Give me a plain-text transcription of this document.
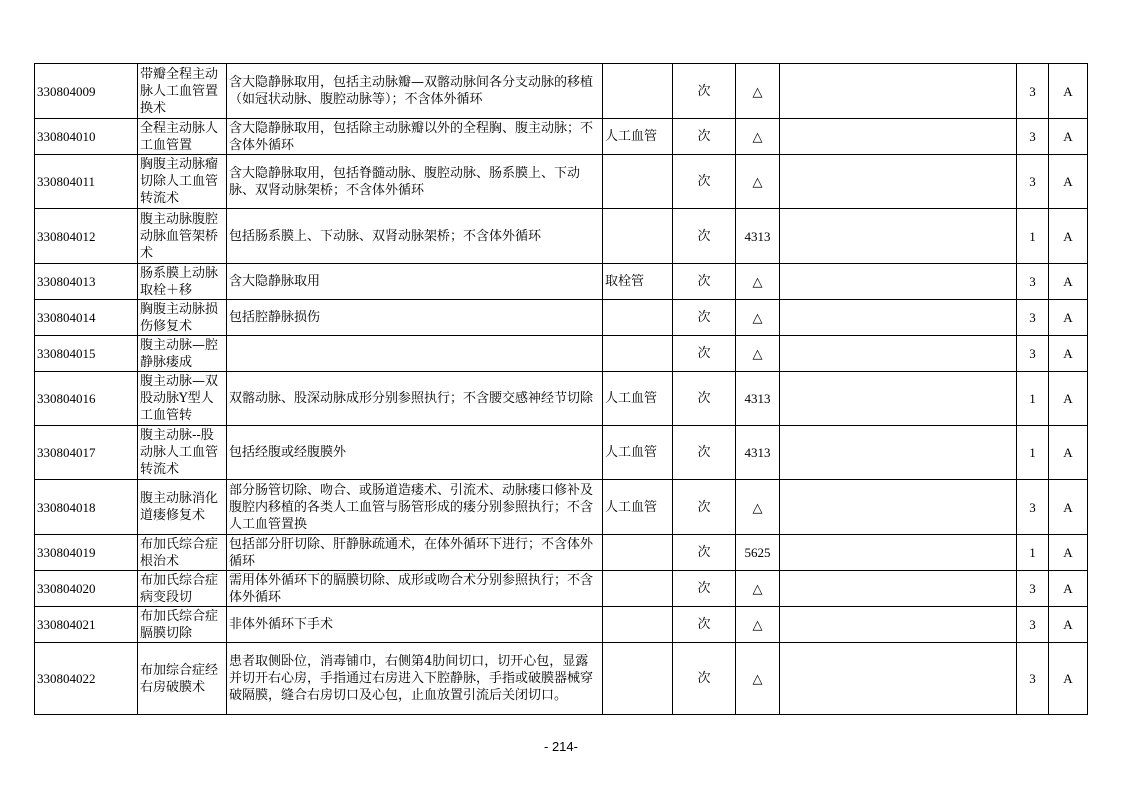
330804009	带瓣全程主动脉人工血管置换术	含大隐静脉取用，包括主动脉瓣—双髂动脉间各分支动脉的移植（如冠状动脉、腹腔动脉等）；不含体外循环		次	△		3	A
330804010	全程主动脉人工血管置	含大隐静脉取用，包括除主动脉瓣以外的全程胸、腹主动脉；不含体外循环	人工血管	次	△		3	A
330804011	胸腹主动脉瘤切除人工血管转流术	含大隐静脉取用，包括脊髓动脉、腹腔动脉、肠系膜上、下动脉、双肾动脉架桥；不含体外循环		次	△		3	A
330804012	腹主动脉腹腔动脉血管架桥术	包括肠系膜上、下动脉、双肾动脉架桥；不含体外循环		次	4313		1	A
330804013	肠系膜上动脉取栓＋移	含大隐静脉取用	取栓管	次	△		3	A
330804014	胸腹主动脉损伤修复术	包括腔静脉损伤		次	△		3	A
330804015	腹主动脉—腔静脉瘘成			次	△		3	A
330804016	腹主动脉—双股动脉Y型人工血管转	双髂动脉、股深动脉成形分别参照执行；不含腰交感神经节切除	人工血管	次	4313		1	A
330804017	腹主动脉--股动脉人工血管转流术	包括经腹或经腹膜外	人工血管	次	4313		1	A
330804018	腹主动脉消化道瘘修复术	部分肠管切除、吻合、或肠道造瘘术、引流术、动脉瘘口修补及腹腔内移植的各类人工血管与肠管形成的瘘分别参照执行；不含人工血管置换	人工血管	次	△		3	A
330804019	布加氏综合症根治术	包括部分肝切除、肝静脉疏通术，在体外循环下进行；不含体外循环		次	5625		1	A
330804020	布加氏综合症病变段切	需用体外循环下的膈膜切除、成形或吻合术分别参照执行；不含体外循环		次	△		3	A
330804021	布加氏综合症膈膜切除	非体外循环下手术		次	△		3	A
330804022	布加综合症经右房破膜术	患者取侧卧位，消毒铺巾，右侧第4肋间切口，切开心包，显露并切开右心房，手指通过右房进入下腔静脉，手指或破膜器械穿破隔膜，缝合右房切口及心包，止血放置引流后关闭切口。		次	△		3	A
- 214-
